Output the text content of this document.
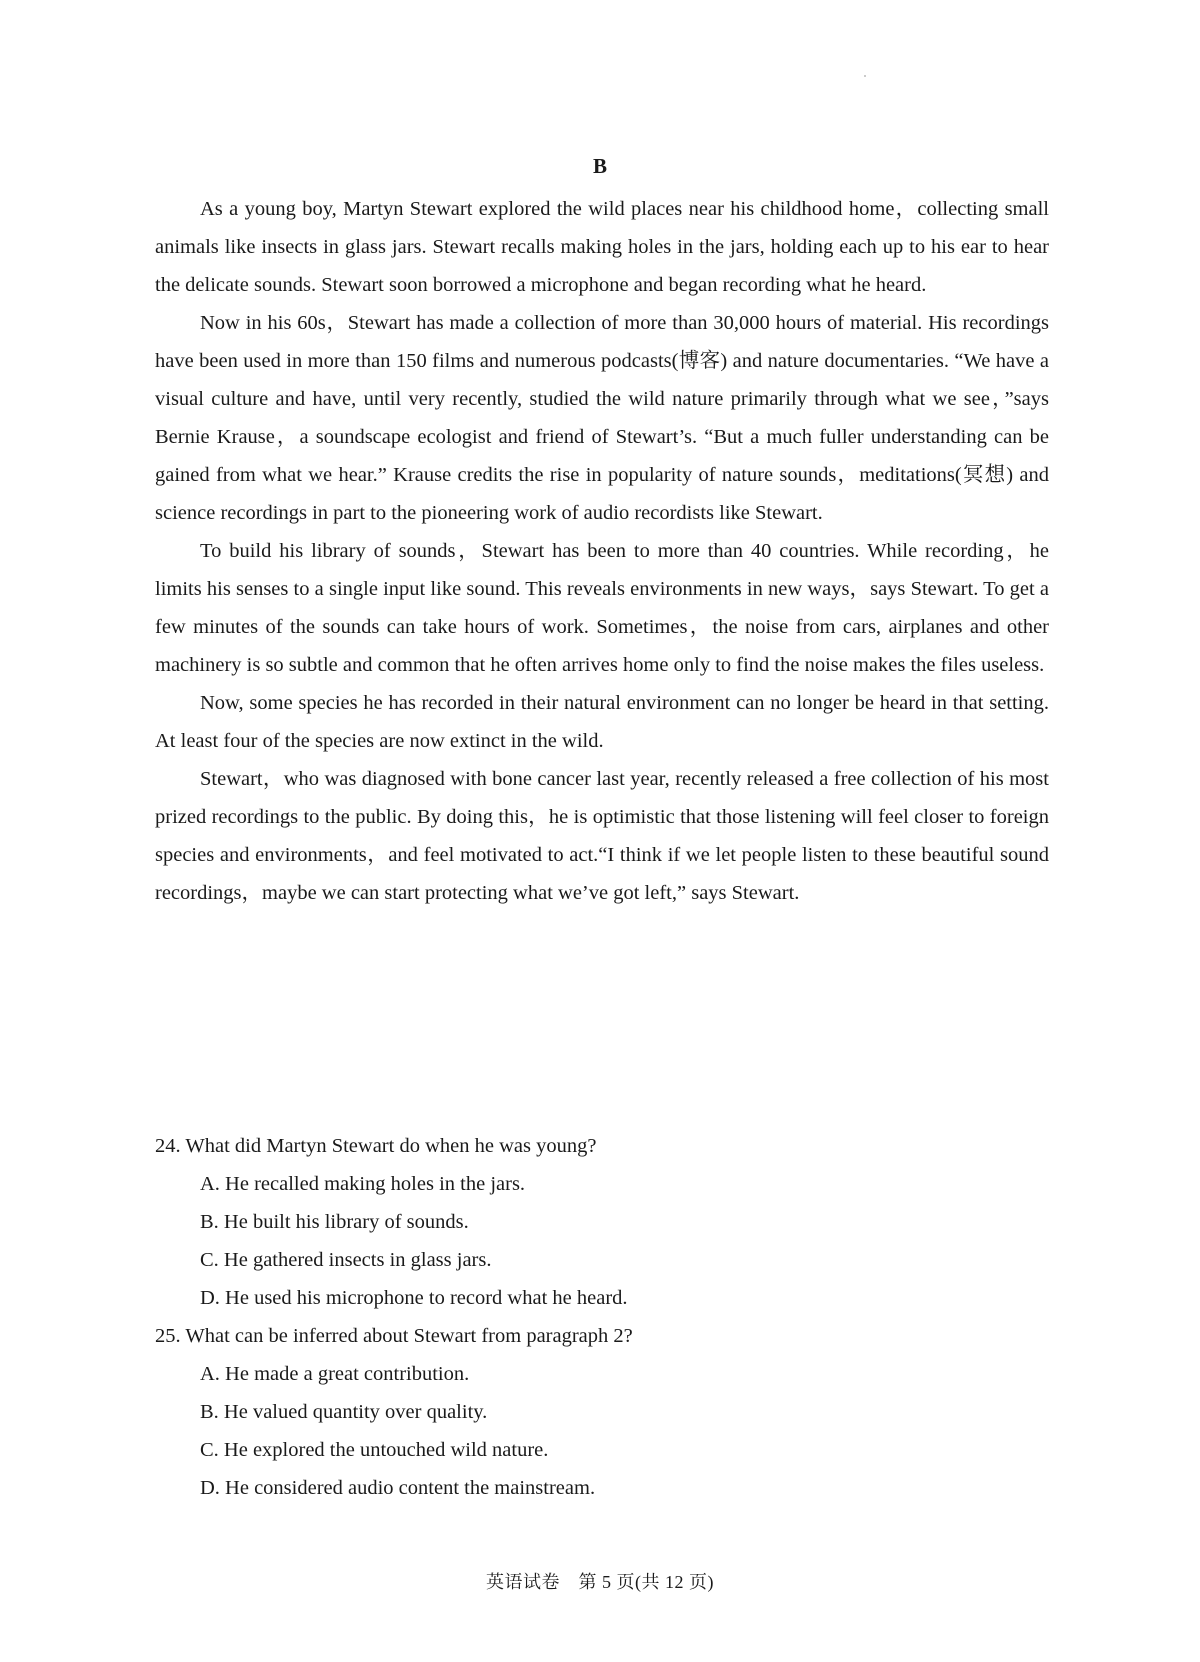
B

As a young boy, Martyn Stewart explored the wild places near his childhood home，collecting small animals like insects in glass jars. Stewart recalls making holes in the jars, holding each up to his ear to hear the delicate sounds. Stewart soon borrowed a microphone and began recording what he heard.

Now in his 60s，Stewart has made a collection of more than 30,000 hours of material. His recordings have been used in more than 150 films and numerous podcasts(博客) and nature documentaries. “We have a visual culture and have, until very recently, studied the wild nature primarily through what we see，”says Bernie Krause，a soundscape ecologist and friend of Stewart’s. “But a much fuller understanding can be gained from what we hear.” Krause credits the rise in popularity of nature sounds，meditations(冥想) and science recordings in part to the pioneering work of audio recordists like Stewart.

To build his library of sounds，Stewart has been to more than 40 countries. While recording，he limits his senses to a single input like sound. This reveals environments in new ways，says Stewart. To get a few minutes of the sounds can take hours of work. Sometimes，the noise from cars, airplanes and other machinery is so subtle and common that he often arrives home only to find the noise makes the files useless.

Now, some species he has recorded in their natural environment can no longer be heard in that setting. At least four of the species are now extinct in the wild.

Stewart，who was diagnosed with bone cancer last year, recently released a free collection of his most prized recordings to the public. By doing this，he is optimistic that those listening will feel closer to foreign species and environments，and feel motivated to act.“I think if we let people listen to these beautiful sound recordings，maybe we can start protecting what we’ve got left,” says Stewart.

24. What did Martyn Stewart do when he was young?

A. He recalled making holes in the jars.
B. He built his library of sounds.
C. He gathered insects in glass jars.
D. He used his microphone to record what he heard.

25. What can be inferred about Stewart from paragraph 2?

A. He made a great contribution.
B. He valued quantity over quality.
C. He explored the untouched wild nature.
D. He considered audio content the mainstream.
英语试卷　第 5 页(共 12 页)
